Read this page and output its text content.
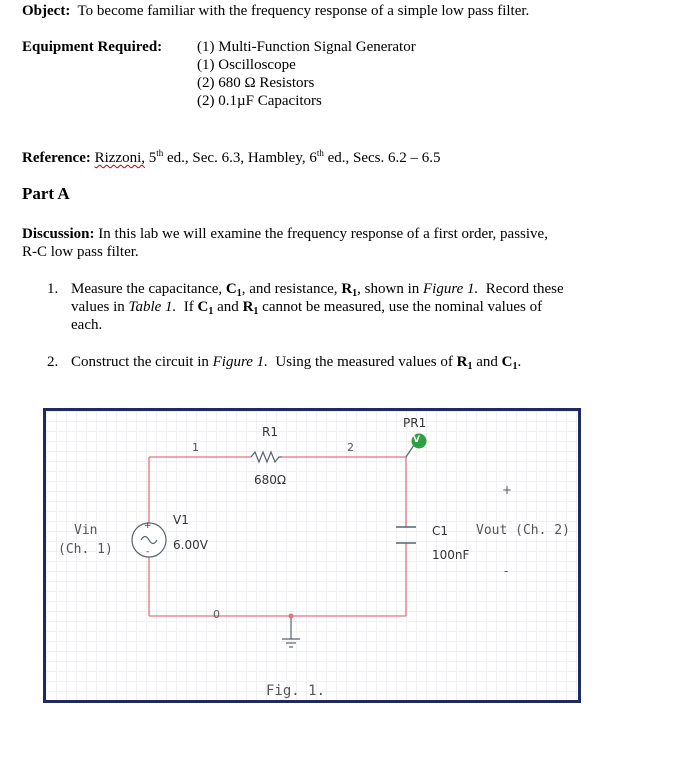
Object: To become familiar with the frequency response of a simple low pass filter.
Equipment Required: (1) Multi-Function Signal Generator
(1) Oscilloscope
(2) 680 Ω Resistors
(2) 0.1µF Capacitors
Reference: Rizzoni, 5th ed., Sec. 6.3, Hambley, 6th ed., Secs. 6.2 – 6.5
Part A
Discussion: In this lab we will examine the frequency response of a first order, passive,
R-C low pass filter.
1. Measure the capacitance, $C_1$, and resistance, $R_1$, shown in Figure 1. Record these
values in Table 1. If $C_1$ and $R_1$ cannot be measured, use the nominal values of
each.
2. Construct the circuit in Figure 1. Using the measured values of $R_1$ and $C_1$.
V
PR1
R1
680Ω
1	2
0
+
-
V1
6.00V
Vin
(Ch. 1)
C1
100nF
Vout (Ch. 2)
+
-
Fig. 1.
